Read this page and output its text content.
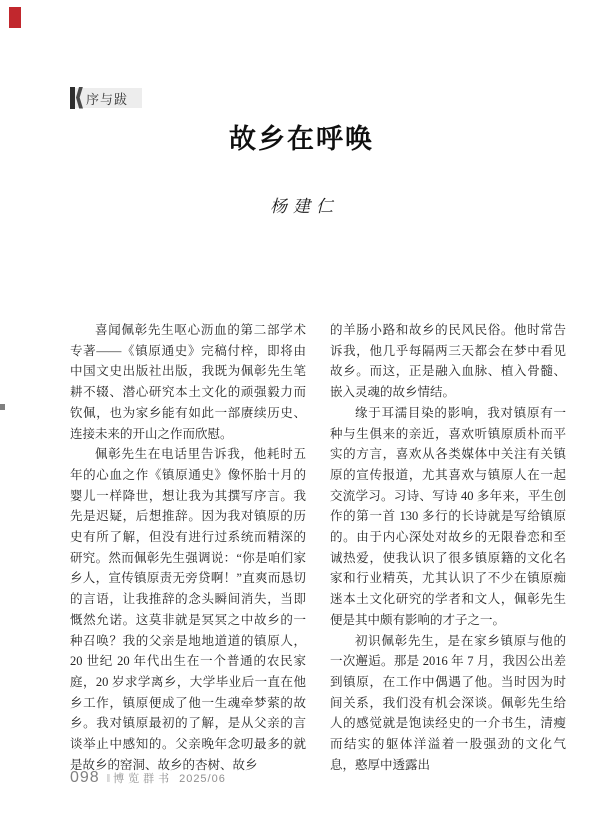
序与跋
故乡在呼唤
杨建仁

喜闻佩彰先生呕心沥血的第二部学术专著——《镇原通史》完稿付梓，即将由中国文史出版社出版，我既为佩彰先生笔耕不辍、潜心研究本土文化的顽强毅力而钦佩，也为家乡能有如此一部赓续历史、连接未来的开山之作而欣慰。

佩彰先生在电话里告诉我，他耗时五年的心血之作《镇原通史》像怀胎十月的婴儿一样降世，想让我为其撰写序言。我先是迟疑，后想推辞。因为我对镇原的历史有所了解，但没有进行过系统而精深的研究。然而佩彰先生强调说：“你是咱们家乡人，宣传镇原责无旁贷啊！”直爽而恳切的言语，让我推辞的念头瞬间消失，当即慨然允诺。这莫非就是冥冥之中故乡的一种召唤？我的父亲是地地道道的镇原人，20 世纪 20 年代出生在一个普通的农民家庭，20 岁求学离乡，大学毕业后一直在他乡工作，镇原便成了他一生魂牵梦萦的故乡。我对镇原最初的了解，是从父亲的言谈举止中感知的。父亲晚年念叨最多的就是故乡的窑洞、故乡的杏树、故乡

的羊肠小路和故乡的民风民俗。他时常告诉我，他几乎每隔两三天都会在梦中看见故乡。而这，正是融入血脉、植入骨髓、嵌入灵魂的故乡情结。

缘于耳濡目染的影响，我对镇原有一种与生俱来的亲近，喜欢听镇原质朴而平实的方言，喜欢从各类媒体中关注有关镇原的宣传报道，尤其喜欢与镇原人在一起交流学习。习诗、写诗 40 多年来，平生创作的第一首 130 多行的长诗就是写给镇原的。由于内心深处对故乡的无限眷恋和至诚热爱，使我认识了很多镇原籍的文化名家和行业精英，尤其认识了不少在镇原痴迷本土文化研究的学者和文人，佩彰先生便是其中颇有影响的才子之一。

初识佩彰先生，是在家乡镇原与他的一次邂逅。那是 2016 年 7 月，我因公出差到镇原，在工作中偶遇了他。当时因为时间关系，我们没有机会深谈。佩彰先生给人的感觉就是饱读经史的一介书生，清瘦而结实的躯体洋溢着一股强劲的文化气息，憨厚中透露出

098 ‖ 博览群书 2025/06
